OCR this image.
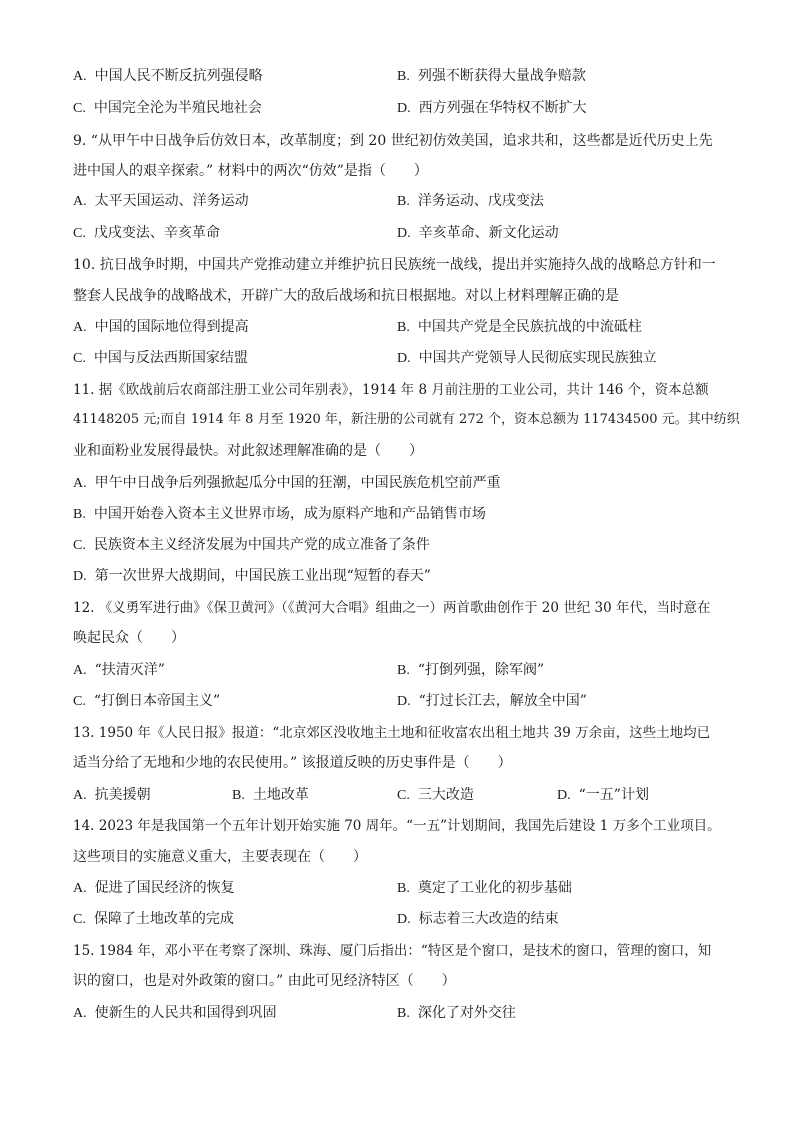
A. 中国人民不断反抗列强侵略	B. 列强不断获得大量战争赔款
C. 中国完全沦为半殖民地社会	D. 西方列强在华特权不断扩大
9. “从甲午中日战争后仿效日本，改革制度；到 20 世纪初仿效美国，追求共和，这些都是近代历史上先
进中国人的艰辛探索。” 材料中的两次“仿效”是指（　　）
A. 太平天国运动、洋务运动	B. 洋务运动、戊戌变法
C. 戊戌变法、辛亥革命	D. 辛亥革命、新文化运动
10. 抗日战争时期，中国共产党推动建立并维护抗日民族统一战线，提出并实施持久战的战略总方针和一
整套人民战争的战略战术，开辟广大的敌后战场和抗日根据地。对以上材料理解正确的是
A. 中国的国际地位得到提高	B. 中国共产党是全民族抗战的中流砥柱
C. 中国与反法西斯国家结盟	D. 中国共产党领导人民彻底实现民族独立
11. 据《欧战前后农商部注册工业公司年别表》，1914 年 8 月前注册的工业公司，共计 146 个，资本总额
41148205 元;而自 1914 年 8 月至 1920 年，新注册的公司就有 272 个，资本总额为 117434500 元。其中纺织
业和面粉业发展得最快。对此叙述理解准确的是（　　）
A. 甲午中日战争后列强掀起瓜分中国的狂潮，中国民族危机空前严重
B. 中国开始卷入资本主义世界市场，成为原料产地和产品销售市场
C. 民族资本主义经济发展为中国共产党的成立准备了条件
D. 第一次世界大战期间，中国民族工业出现“短暂的春天”
12. 《义勇军进行曲》《保卫黄河》（《黄河大合唱》组曲之一）两首歌曲创作于 20 世纪 30 年代，当时意在
唤起民众（　　）
A. “扶清灭洋”	B. “打倒列强，除军阀”
C. “打倒日本帝国主义”	D. “打过长江去，解放全中国”
13. 1950 年《人民日报》报道：“北京郊区没收地主土地和征收富农出租土地共 39 万余亩，这些土地均已
适当分给了无地和少地的农民使用。” 该报道反映的历史事件是（　　）
A. 抗美援朝	B. 土地改革	C. 三大改造	D. “一五”计划
14. 2023 年是我国第一个五年计划开始实施 70 周年。“一五”计划期间，我国先后建设 1 万多个工业项目。
这些项目的实施意义重大，主要表现在（　　）
A. 促进了国民经济的恢复	B. 奠定了工业化的初步基础
C. 保障了土地改革的完成	D. 标志着三大改造的结束
15. 1984 年，邓小平在考察了深圳、珠海、厦门后指出：“特区是个窗口，是技术的窗口，管理的窗口，知
识的窗口，也是对外政策的窗口。” 由此可见经济特区（　　）
A. 使新生的人民共和国得到巩固	B. 深化了对外交往
